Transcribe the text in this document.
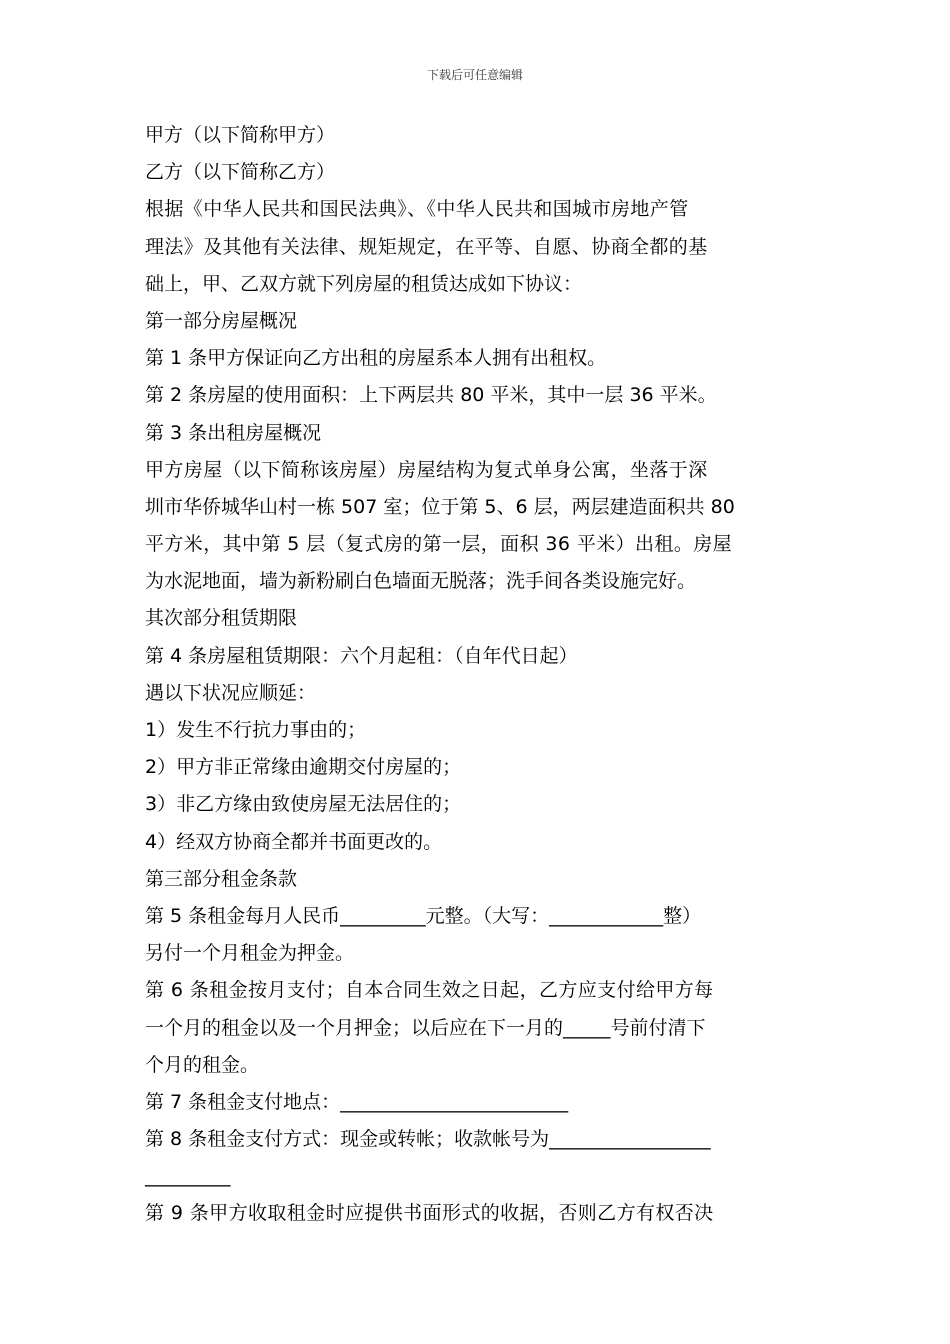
下载后可任意编辑
甲方（以下简称甲方）
乙方（以下简称乙方）
根据《中华人民共和国民法典》、《中华人民共和国城市房地产管
理法》及其他有关法律、规矩规定，在平等、自愿、协商全都的基
础上，甲、乙双方就下列房屋的租赁达成如下协议：
第一部分房屋概况
第 1 条甲方保证向乙方出租的房屋系本人拥有出租权。
第 2 条房屋的使用面积：上下两层共 80 平米，其中一层 36 平米。
第 3 条出租房屋概况
甲方房屋（以下简称该房屋）房屋结构为复式单身公寓，坐落于深
圳市华侨城华山村一栋 507 室；位于第 5、6 层，两层建造面积共 80
平方米，其中第 5 层（复式房的第一层，面积 36 平米）出租。房屋
为水泥地面，墙为新粉刷白色墙面无脱落；洗手间各类设施完好。
其次部分租赁期限
第 4 条房屋租赁期限：六个月起租：（自年代日起）
遇以下状况应顺延：
1）发生不行抗力事由的；
2）甲方非正常缘由逾期交付房屋的；
3）非乙方缘由致使房屋无法居住的；
4）经双方协商全都并书面更改的。
第三部分租金条款
第 5 条租金每月人民币_________元整。（大写：____________整）
另付一个月租金为押金。
第 6 条租金按月支付；自本合同生效之日起，乙方应支付给甲方每
一个月的租金以及一个月押金；以后应在下一月的_____号前付清下
个月的租金。
第 7 条租金支付地点：________________________
第 8 条租金支付方式：现金或转帐；收款帐号为_________________
_________
第 9 条甲方收取租金时应提供书面形式的收据，否则乙方有权否决
